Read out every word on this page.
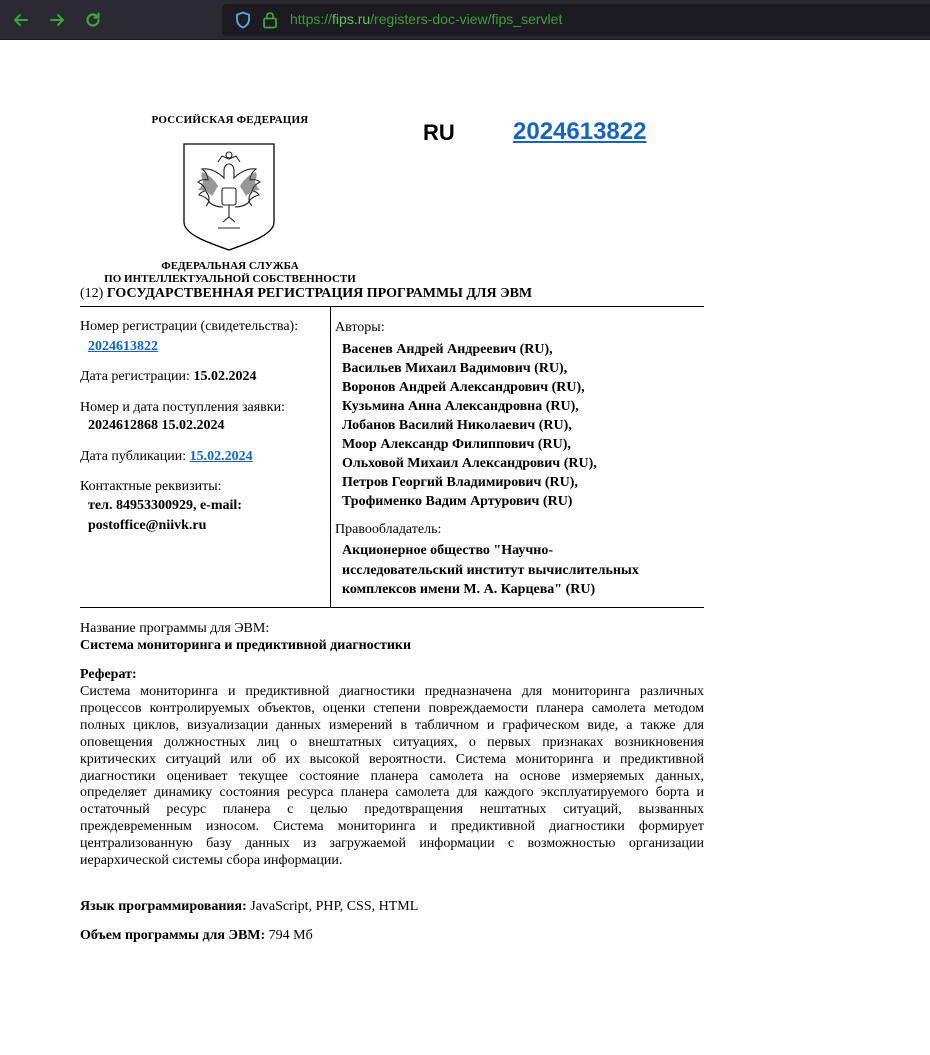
https://fips.ru/registers-doc-view/fips_servlet
РОССИЙСКАЯ ФЕДЕРАЦИЯ
ФЕДЕРАЛЬНАЯ СЛУЖБА
ПО ИНТЕЛЛЕКТУАЛЬНОЙ СОБСТВЕННОСТИ
RU 2024613822
(12) ГОСУДАРСТВЕННАЯ РЕГИСТРАЦИЯ ПРОГРАММЫ ДЛЯ ЭВМ
Номер регистрации (свидетельства):
2024613822
Дата регистрации: 15.02.2024
Номер и дата поступления заявки:
2024612868 15.02.2024
Дата публикации: 15.02.2024
Контактные реквизиты:
тел. 84953300929, e-mail:
postoffice@niivk.ru
Авторы:
Васенев Андрей Андреевич (RU),
Васильев Михаил Вадимович (RU),
Воронов Андрей Александрович (RU),
Кузьмина Анна Александровна (RU),
Лобанов Василий Николаевич (RU),
Моор Александр Филиппович (RU),
Ольховой Михаил Александрович (RU),
Петров Георгий Владимирович (RU),
Трофименко Вадим Артурович (RU)
Правообладатель:
Акционерное общество "Научно-
исследовательский институт вычислительных
комплексов имени М. А. Карцева" (RU)
Название программы для ЭВМ:
Система мониторинга и предиктивной диагностики
Реферат:
Система мониторинга и предиктивной диагностики предназначена для мониторинга различных процессов контролируемых объектов, оценки степени повреждаемости планера самолета методом полных циклов, визуализации данных измерений в табличном и графическом виде, а также для оповещения должностных лиц о внештатных ситуациях, о первых признаках возникновения критических ситуаций или об их высокой вероятности. Система мониторинга и предиктивной диагностики оценивает текущее состояние планера самолета на основе измеряемых данных, определяет динамику состояния ресурса планера самолета для каждого эксплуатируемого борта и остаточный ресурс планера с целью предотвращения нештатных ситуаций, вызванных преждевременным износом. Система мониторинга и предиктивной диагностики формирует централизованную базу данных из загружаемой информации с возможностью организации иерархической системы сбора информации.
Язык программирования: JavaScript, PHP, CSS, HTML
Объем программы для ЭВМ: 794 Мб
